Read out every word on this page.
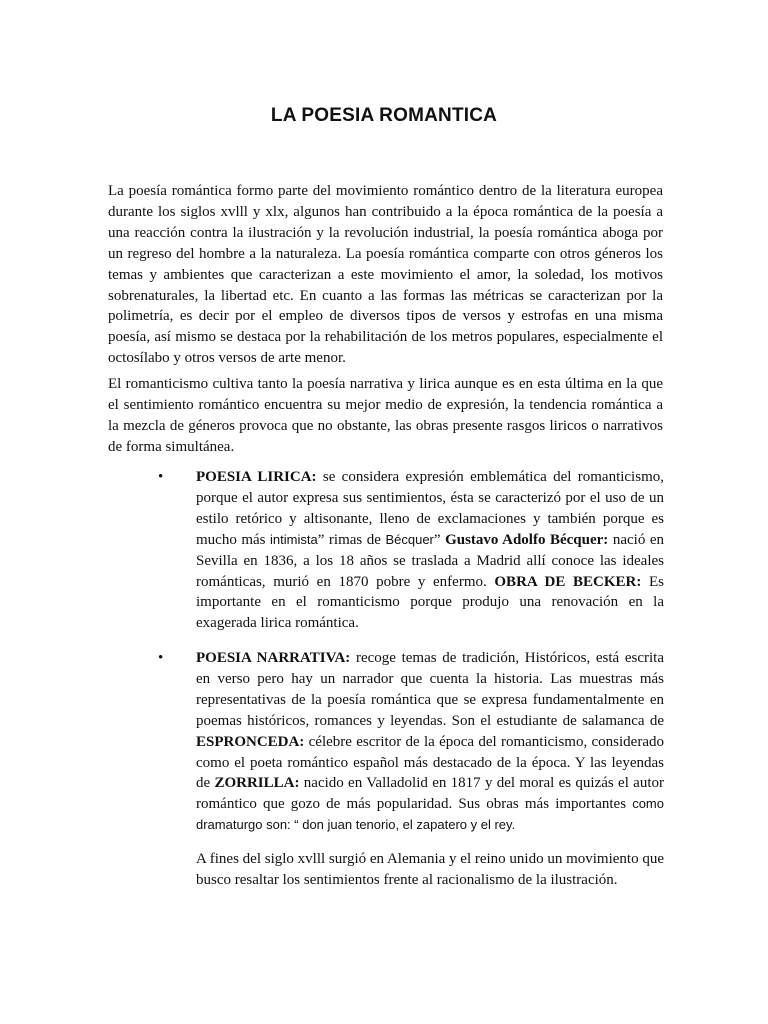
LA POESIA ROMANTICA

La poesía romántica formo parte del movimiento romántico dentro de la literatura europea durante los siglos xvlll y xlx, algunos han contribuido a la época romántica de la poesía a una reacción contra la ilustración y la revolución industrial, la poesía romántica aboga por un regreso del hombre a la naturaleza. La poesía romántica comparte con otros géneros los temas y ambientes que caracterizan a este movimiento el amor, la soledad, los motivos sobrenaturales, la libertad etc. En cuanto a las formas las métricas se caracterizan por la polimetría, es decir por el empleo de diversos tipos de versos y estrofas en una misma poesía, así mismo se destaca por la rehabilitación de los metros populares, especialmente el octosílabo y otros versos de arte menor.

El romanticismo cultiva tanto la poesía narrativa y lirica aunque es en esta última en la que el sentimiento romántico encuentra su mejor medio de expresión, la tendencia romántica a la mezcla de géneros provoca que no obstante, las obras presente rasgos liricos o narrativos de forma simultánea.

• POESIA LIRICA: se considera expresión emblemática del romanticismo, porque el autor expresa sus sentimientos, ésta se caracterizó por el uso de un estilo retórico y altisonante, lleno de exclamaciones y también porque es mucho más intimista” rimas de Bécquer” Gustavo Adolfo Bécquer: nació en Sevilla en 1836, a los 18 años se traslada a Madrid allí conoce las ideales románticas, murió en 1870 pobre y enfermo. OBRA DE BECKER: Es importante en el romanticismo porque produjo una renovación en la exagerada lirica romántica.
• POESIA NARRATIVA: recoge temas de tradición, Históricos, está escrita en verso pero hay un narrador que cuenta la historia. Las muestras más representativas de la poesía romántica que se expresa fundamentalmente en poemas históricos, romances y leyendas. Son el estudiante de salamanca de ESPRONCEDA: célebre escritor de la época del romanticismo, considerado como el poeta romántico español más destacado de la época. Y las leyendas de ZORRILLA: nacido en Valladolid en 1817 y del moral es quizás el autor romántico que gozo de más popularidad. Sus obras más importantes como dramaturgo son: “ don juan tenorio, el zapatero y el rey.

A fines del siglo xvlll surgió en Alemania y el reino unido un movimiento que busco resaltar los sentimientos frente al racionalismo de la ilustración.
